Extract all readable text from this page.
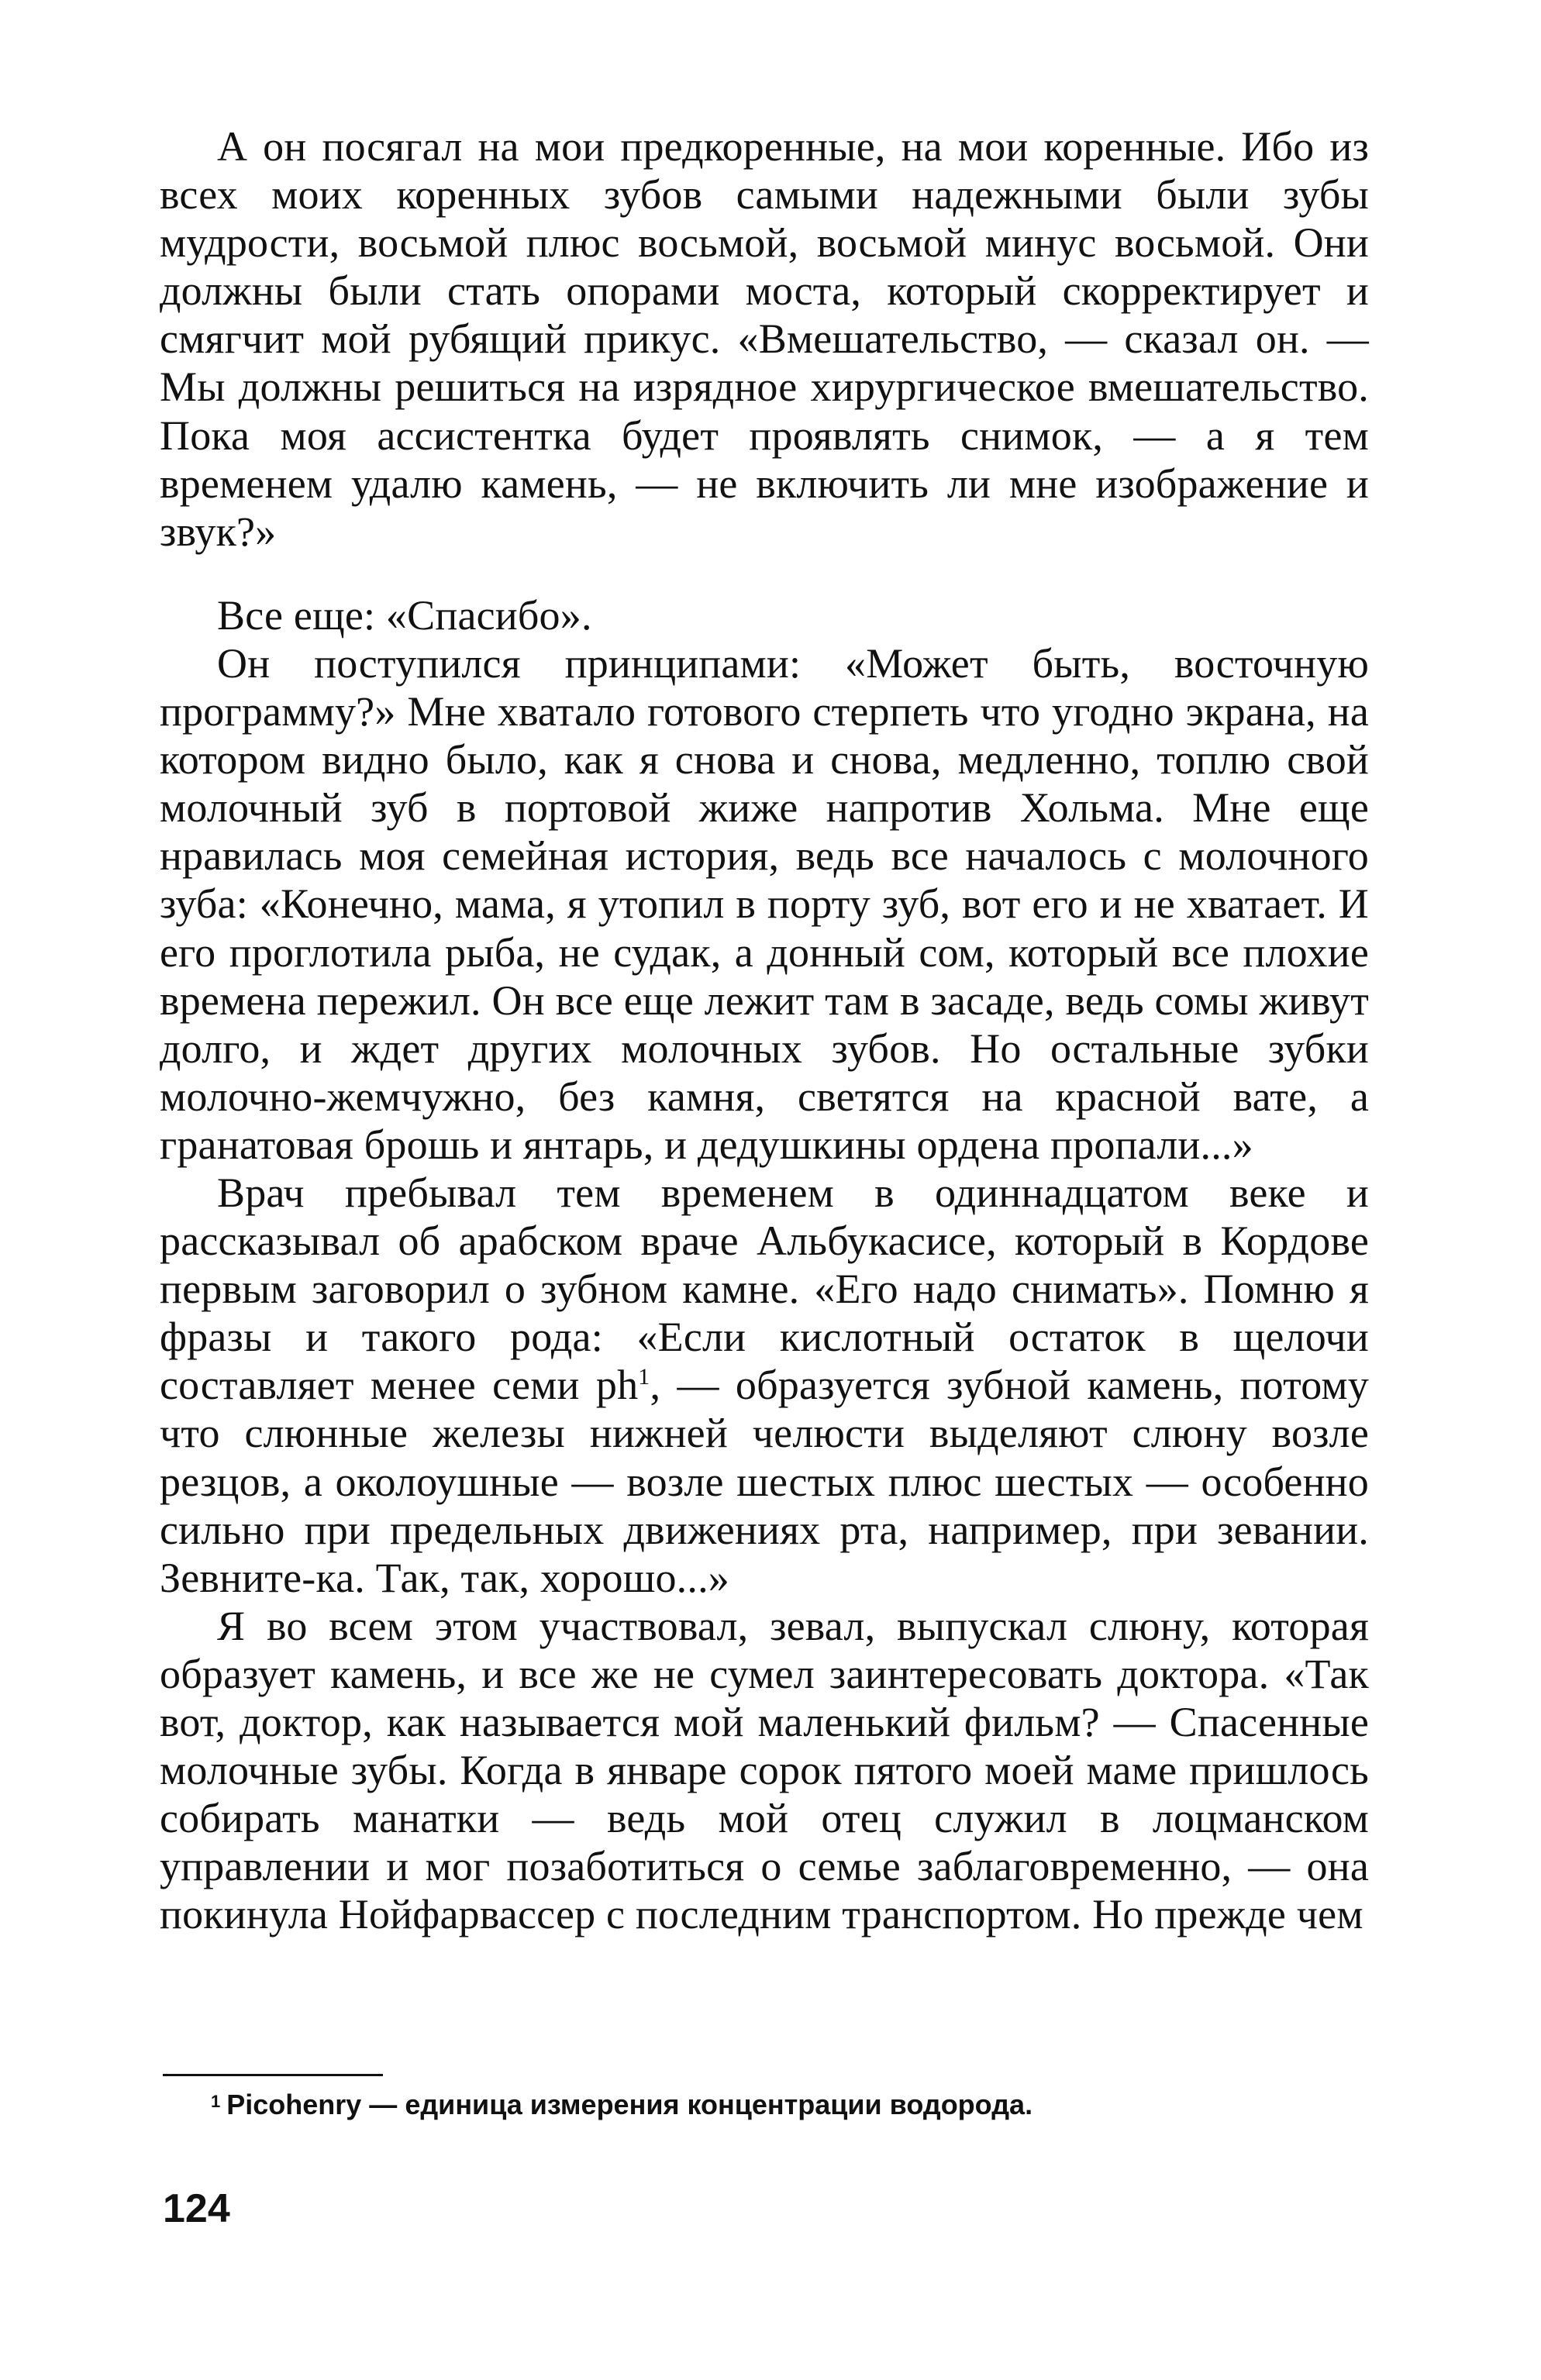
А он посягал на мои предкоренные, на мои коренные. Ибо из всех моих коренных зубов самыми надежными были зубы мудрости, восьмой плюс восьмой, восьмой минус восьмой. Они должны были стать опорами моста, который скорректирует и смягчит мой рубящий прикус. «Вмешательство, — сказал он. — Мы должны решиться на изрядное хирургическое вмешательство. Пока моя ассистентка будет проявлять снимок, — а я тем временем удалю камень, — не включить ли мне изображение и звук?»

Все еще: «Спасибо».

Он поступился принципами: «Может быть, восточную программу?» Мне хватало готового стерпеть что угодно экрана, на котором видно было, как я снова и снова, медленно, топлю свой молочный зуб в портовой жиже напротив Хольма. Мне еще нравилась моя семейная история, ведь все началось с молочного зуба: «Конечно, мама, я утопил в порту зуб, вот его и не хватает. И его проглотила рыба, не судак, а донный сом, который все плохие времена пережил. Он все еще лежит там в засаде, ведь сомы живут долго, и ждет других молочных зубов. Но остальные зубки молочно-жемчужно, без камня, светятся на красной вате, а гранатовая брошь и янтарь, и дедушкины ордена пропали...»

Врач пребывал тем временем в одиннадцатом веке и рассказывал об арабском враче Альбукасисе, который в Кордове первым заговорил о зубном камне. «Его надо снимать». Помню я фразы и такого рода: «Если кислотный остаток в щелочи составляет менее семи ph$^1$, — образуется зубной камень, потому что слюнные железы нижней челюсти выделяют слюну возле резцов, а околоушные — возле шестых плюс шестых — особенно сильно при предельных движениях рта, например, при зевании. Зевните-ка. Так, так, хорошо...»

Я во всем этом участвовал, зевал, выпускал слюну, которая образует камень, и все же не сумел заинтересовать доктора. «Так вот, доктор, как называется мой маленький фильм? — Спасенные молочные зубы. Когда в январе сорок пятого моей маме пришлось собирать манатки — ведь мой отец служил в лоцманском управлении и мог позаботиться о семье заблаговременно, — она покинула Нойфарвассер с последним транспортом. Но прежде чем

$^1$ Picohenry — единица измерения концентрации водорода.
124
